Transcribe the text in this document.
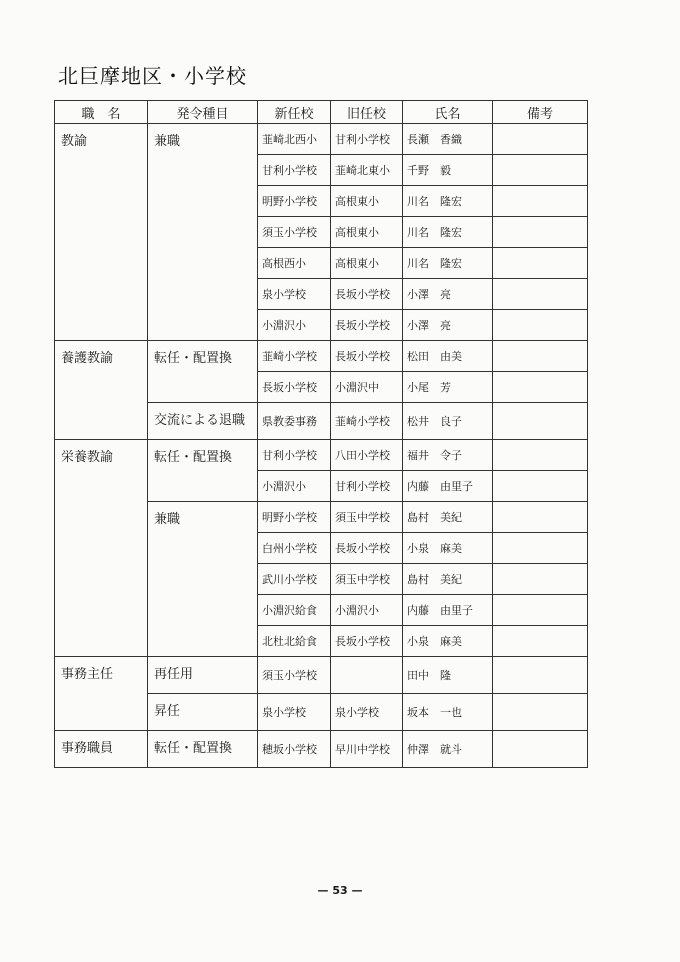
北巨摩地区・小学校
職　名	発令種目	新任校	旧任校	氏名	備考
教諭	兼職	韮崎北西小	甘利小学校	長瀬　香織	
		甘利小学校	韮崎北東小	千野　毅	
		明野小学校	高根東小	川名　隆宏	
		須玉小学校	高根東小	川名　隆宏	
		高根西小	高根東小	川名　隆宏	
		泉小学校	長坂小学校	小澤　亮	
		小淵沢小	長坂小学校	小澤　亮	
養護教諭	転任・配置換	韮崎小学校	長坂小学校	松田　由美	
		長坂小学校	小淵沢中	小尾　芳	
	交流による退職	県教委事務	韮崎小学校	松井　良子	
栄養教諭	転任・配置換	甘利小学校	八田小学校	福井　令子	
		小淵沢小	甘利小学校	内藤　由里子	
	兼職	明野小学校	須玉中学校	島村　美紀	
		白州小学校	長坂小学校	小泉　麻美	
		武川小学校	須玉中学校	島村　美紀	
		小淵沢給食	小淵沢小	内藤　由里子	
		北杜北給食	長坂小学校	小泉　麻美	
事務主任	再任用	須玉小学校		田中　隆	
	昇任	泉小学校	泉小学校	坂本　一也	
事務職員	転任・配置換	穂坂小学校	早川中学校	仲澤　就斗	
— 53 —
